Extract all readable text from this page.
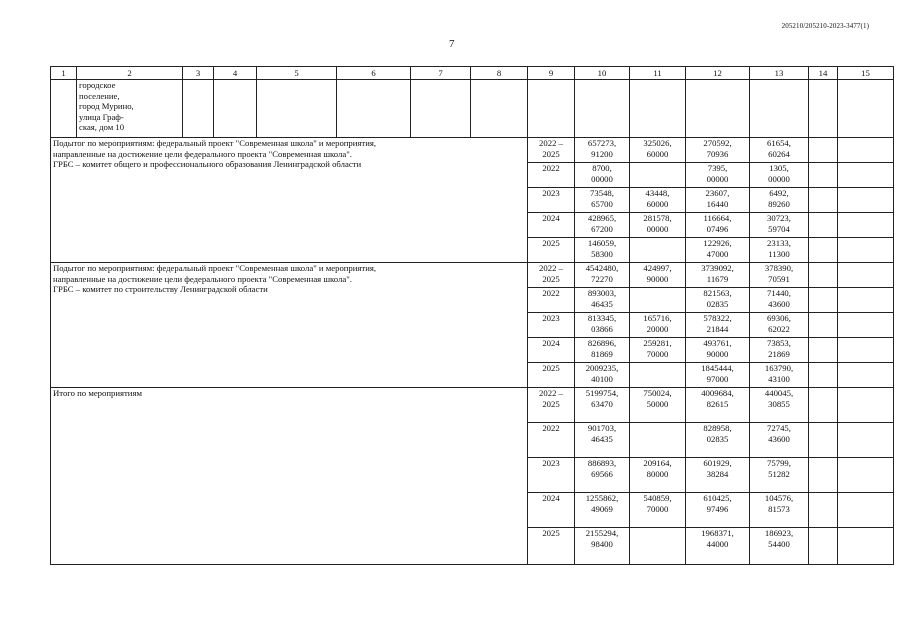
205210/205210-2023-3477(1)
7
1	2	3	4	5	6	7	8	9	10	11	12	13	14	15
	городское
поселение,
город Мурино,
улица Граф-
ская, дом 10													
Подытог по мероприятиям: федеральный проект "Современная школа" и мероприятия,
направленные на достижение цели федерального проекта "Современная школа".
ГРБС – комитет общего и профессионального образования Ленинградской области								2022 –
2025	657273,
91200	325026,
60000	270592,
70936	61654,
60264		
								2022	8700,
00000		7395,
00000	1305,
00000		
								2023	73548,
65700	43448,
60000	23607,
16440	6492,
89260		
								2024	428965,
67200	281578,
00000	116664,
07496	30723,
59704		
								2025	146059,
58300		122926,
47000	23133,
11300		
Подытог по мероприятиям: федеральный проект "Современная школа" и мероприятия,
направленные на достижение цели федерального проекта "Современная школа".
ГРБС – комитет по строительству Ленинградской области								2022 –
2025	4542480,
72270	424997,
90000	3739092,
11679	378390,
70591		
								2022	893003,
46435		821563,
02835	71440,
43600		
								2023	813345,
03866	165716,
20000	578322,
21844	69306,
62022		
								2024	826896,
81869	259281,
70000	493761,
90000	73853,
21869		
								2025	2009235,
40100		1845444,
97000	163790,
43100		
Итого по мероприятиям								2022 –
2025	5199754,
63470	750024,
50000	4009684,
82615	440045,
30855		
								2022	901703,
46435		828958,
02835	72745,
43600		
								2023	886893,
69566	209164,
80000	601929,
38284	75799,
51282		
								2024	1255862,
49069	540859,
70000	610425,
97496	104576,
81573		
								2025	2155294,
98400		1968371,
44000	186923,
54400		
